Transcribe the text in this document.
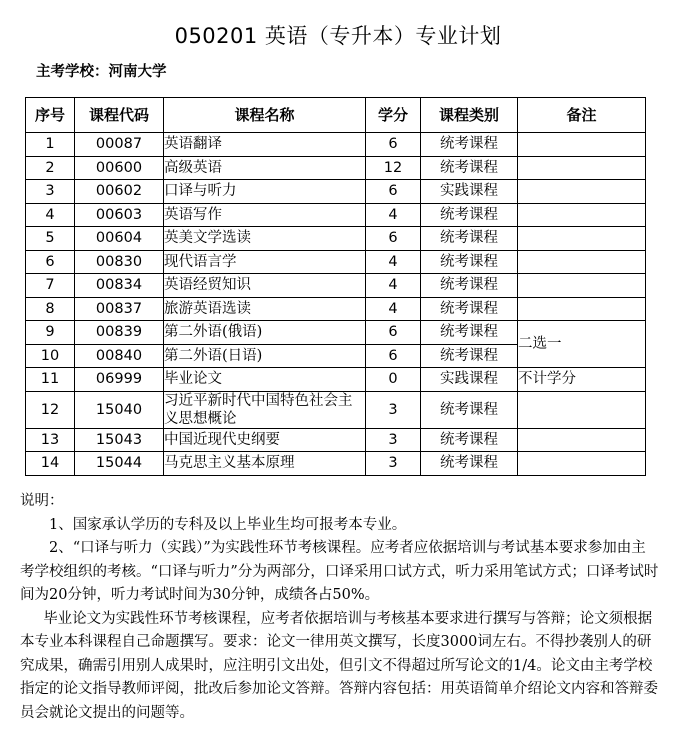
050201 英语（专升本）专业计划
主考学校：河南大学
序号	课程代码	课程名称	学分	课程类别	备注
1	00087	英语翻译	6	统考课程	
2	00600	高级英语	12	统考课程	
3	00602	口译与听力	6	实践课程	
4	00603	英语写作	4	统考课程	
5	00604	英美文学选读	6	统考课程	
6	00830	现代语言学	4	统考课程	
7	00834	英语经贸知识	4	统考课程	
8	00837	旅游英语选读	4	统考课程	
9	00839	第二外语(俄语)	6	统考课程	二选一
10	00840	第二外语(日语)	6	统考课程	
11	06999	毕业论文	0	实践课程	不计学分
12	15040	习近平新时代中国特色社会主义思想概论	3	统考课程	
13	15043	中国近现代史纲要	3	统考课程	
14	15044	马克思主义基本原理	3	统考课程	

说明：

1、国家承认学历的专科及以上毕业生均可报考本专业。

2、“口译与听力（实践）”为实践性环节考核课程。应考者应依据培训与考试基本要求参加由主考学校组织的考核。“口译与听力”分为两部分，口译采用口试方式，听力采用笔试方式；口译考试时间为20分钟，听力考试时间为30分钟，成绩各占50%。

毕业论文为实践性环节考核课程，应考者依据培训与考核基本要求进行撰写与答辩；论文须根据本专业本科课程自己命题撰写。要求：论文一律用英文撰写，长度3000词左右。不得抄袭别人的研究成果，确需引用别人成果时，应注明引文出处，但引文不得超过所写论文的1/4。论文由主考学校指定的论文指导教师评阅，批改后参加论文答辩。答辩内容包括：用英语简单介绍论文内容和答辩委员会就论文提出的问题等。
